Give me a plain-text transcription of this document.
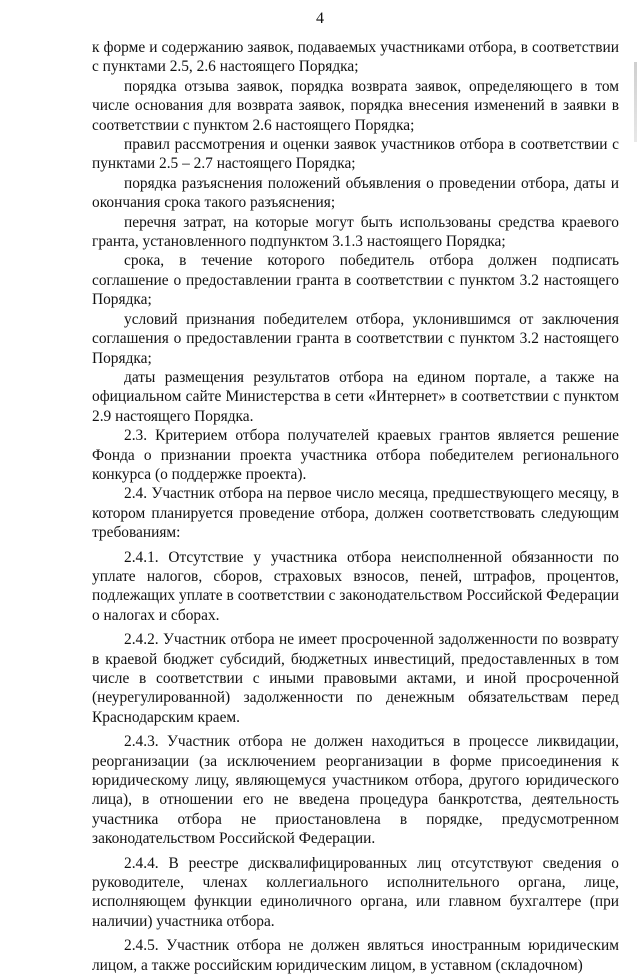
4

к форме и содержанию заявок, подаваемых участниками отбора, в соответствии с пунктами 2.5, 2.6 настоящего Порядка;

порядка отзыва заявок, порядка возврата заявок, определяющего в том числе основания для возврата заявок, порядка внесения изменений в заявки в соответствии с пунктом 2.6 настоящего Порядка;

правил рассмотрения и оценки заявок участников отбора в соответствии с пунктами 2.5 – 2.7 настоящего Порядка;

порядка разъяснения положений объявления о проведении отбора, даты и окончания срока такого разъяснения;

перечня затрат, на которые могут быть использованы средства краевого гранта, установленного подпунктом 3.1.3 настоящего Порядка;

срока, в течение которого победитель отбора должен подписать соглашение о предоставлении гранта в соответствии с пунктом 3.2 настоящего Порядка;

условий признания победителем отбора, уклонившимся от заключения соглашения о предоставлении гранта в соответствии с пунктом 3.2 настоящего Порядка;

даты размещения результатов отбора на едином портале, а также на официальном сайте Министерства в сети «Интернет» в соответствии с пунктом 2.9 настоящего Порядка.

2.3. Критерием отбора получателей краевых грантов является решение Фонда о признании проекта участника отбора победителем регионального конкурса (о поддержке проекта).

2.4. Участник отбора на первое число месяца, предшествующего месяцу, в котором планируется проведение отбора, должен соответствовать следующим требованиям:

2.4.1. Отсутствие у участника отбора неисполненной обязанности по уплате налогов, сборов, страховых взносов, пеней, штрафов, процентов, подлежащих уплате в соответствии с законодательством Российской Федерации о налогах и сборах.

2.4.2. Участник отбора не имеет просроченной задолженности по возврату в краевой бюджет субсидий, бюджетных инвестиций, предоставленных в том числе в соответствии с иными правовыми актами, и иной просроченной (неурегулированной) задолженности по денежным обязательствам перед Краснодарским краем.

2.4.3. Участник отбора не должен находиться в процессе ликвидации, реорганизации (за исключением реорганизации в форме присоединения к юридическому лицу, являющемуся участником отбора, другого юридического лица), в отношении его не введена процедура банкротства, деятельность участника отбора не приостановлена в порядке, предусмотренном законодательством Российской Федерации.

2.4.4. В реестре дисквалифицированных лиц отсутствуют сведения о руководителе, членах коллегиального исполнительного органа, лице, исполняющем функции единоличного органа, или главном бухгалтере (при наличии) участника отбора.

2.4.5. Участник отбора не должен являться иностранным юридическим лицом, а также российским юридическим лицом, в уставном (складочном)
